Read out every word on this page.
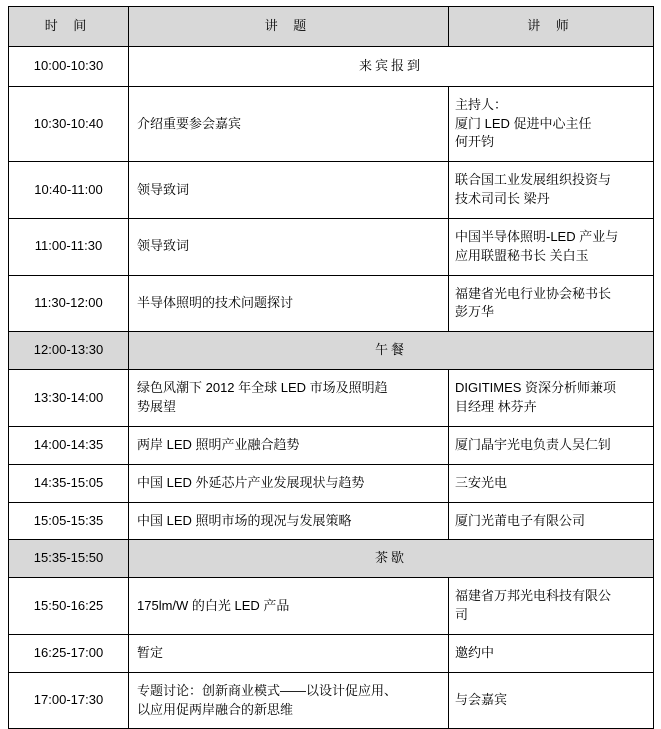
时 间	讲 题	讲 师
10:00-10:30	来宾报到	
10:30-10:40	介绍重要参会嘉宾	主持人：
厦门 LED 促进中心主任
何开钧
10:40-11:00	领导致词	联合国工业发展组织投资与
技术司司长 梁丹
11:00-11:30	领导致词	中国半导体照明-LED 产业与
应用联盟秘书长 关白玉
11:30-12:00	半导体照明的技术问题探讨	福建省光电行业协会秘书长
彭万华
12:00-13:30	午餐	
13:30-14:00	绿色风潮下 2012 年全球 LED 市场及照明趋
势展望	DIGITIMES 资深分析师兼项
目经理 林芬卉
14:00-14:35	两岸 LED 照明产业融合趋势	厦门晶宇光电负责人吴仁钊
14:35-15:05	中国 LED 外延芯片产业发展现状与趋势	三安光电
15:05-15:35	中国 LED 照明市场的现况与发展策略	厦门光莆电子有限公司
15:35-15:50	茶歇	
15:50-16:25	175lm/W 的白光 LED 产品	福建省万邦光电科技有限公
司
16:25-17:00	暂定	邀约中
17:00-17:30	专题讨论：创新商业模式——以设计促应用、
以应用促两岸融合的新思维	与会嘉宾
